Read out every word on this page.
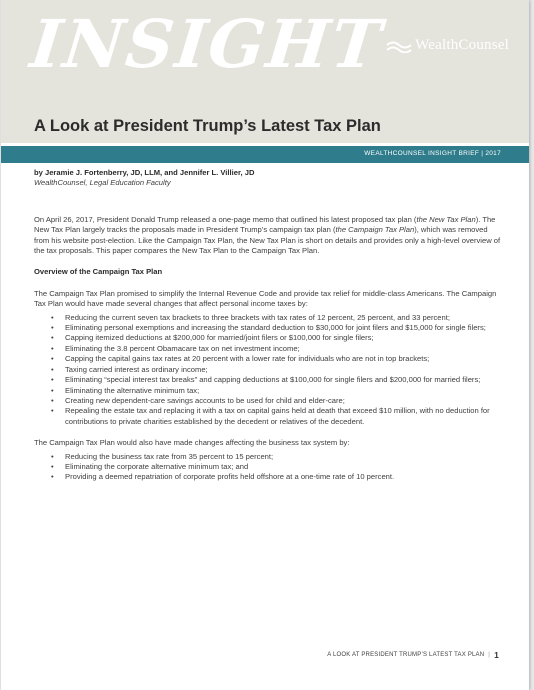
INSIGHT WealthCounsel
A Look at President Trump’s Latest Tax Plan
WEALTHCOUNSEL INSIGHT BRIEF | 2017
by Jeramie J. Fortenberry, JD, LLM, and Jennifer L. Villier, JD
WealthCounsel, Legal Education Faculty

On April 26, 2017, President Donald Trump released a one-page memo that outlined his latest proposed tax plan (the New Tax Plan). The New Tax Plan largely tracks the proposals made in President Trump’s campaign tax plan (the Campaign Tax Plan), which was removed from his website post-election. Like the Campaign Tax Plan, the New Tax Plan is short on details and provides only a high-level overview of the tax proposals. This paper compares the New Tax Plan to the Campaign Tax Plan.

Overview of the Campaign Tax Plan

The Campaign Tax Plan promised to simplify the Internal Revenue Code and provide tax relief for middle-class Americans. The Campaign Tax Plan would have made several changes that affect personal income taxes by:

• Reducing the current seven tax brackets to three brackets with tax rates of 12 percent, 25 percent, and 33 percent;
• Eliminating personal exemptions and increasing the standard deduction to $30,000 for joint filers and $15,000 for single filers;
• Capping itemized deductions at $200,000 for married/joint filers or $100,000 for single filers;
• Eliminating the 3.8 percent Obamacare tax on net investment income;
• Capping the capital gains tax rates at 20 percent with a lower rate for individuals who are not in top brackets;
• Taxing carried interest as ordinary income;
• Eliminating “special interest tax breaks” and capping deductions at $100,000 for single filers and $200,000 for married filers;
• Eliminating the alternative minimum tax;
• Creating new dependent-care savings accounts to be used for child and elder-care;
• Repealing the estate tax and replacing it with a tax on capital gains held at death that exceed $10 million, with no deduction for contributions to private charities established by the decedent or relatives of the decedent.

The Campaign Tax Plan would also have made changes affecting the business tax system by:

• Reducing the business tax rate from 35 percent to 15 percent;
• Eliminating the corporate alternative minimum tax; and
• Providing a deemed repatriation of corporate profits held offshore at a one-time rate of 10 percent.
A LOOK AT PRESIDENT TRUMP’S LATEST TAX PLAN | 1
